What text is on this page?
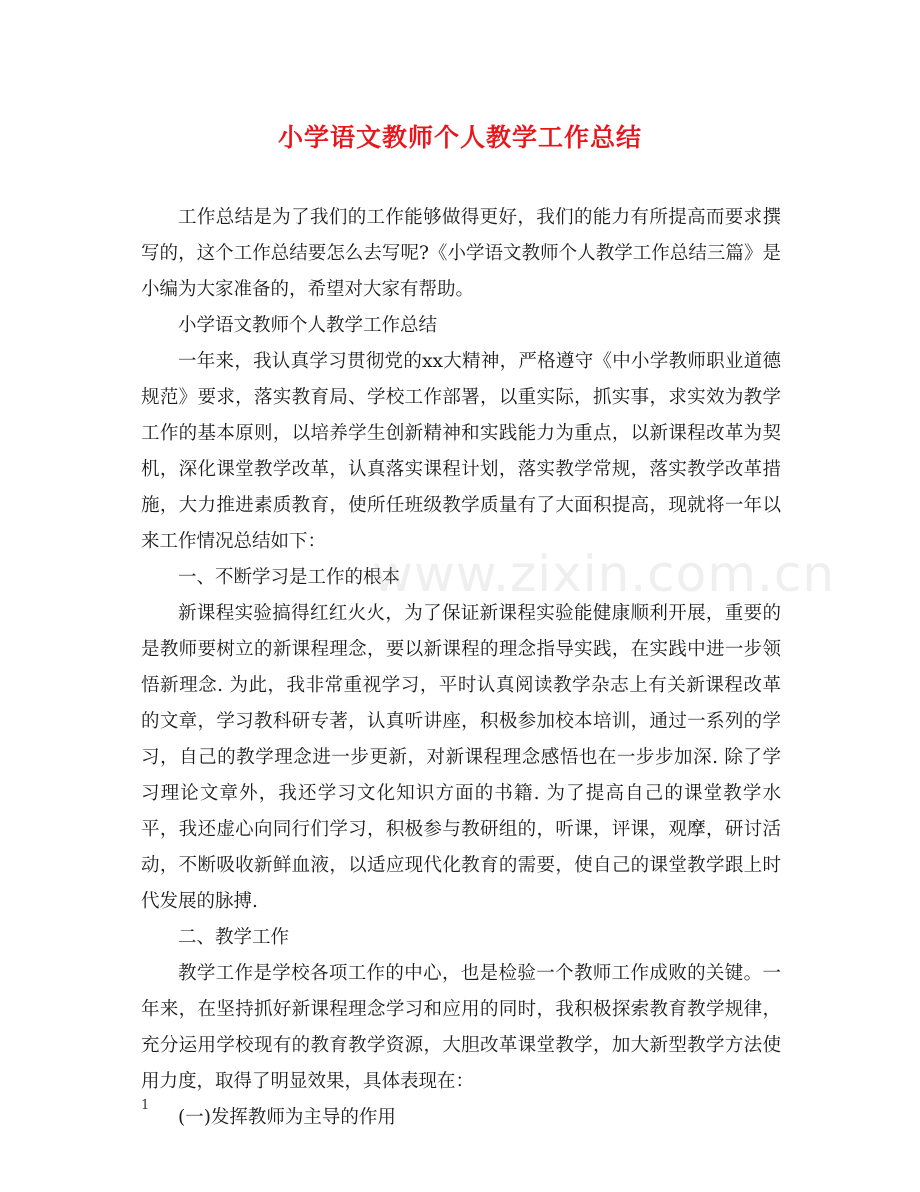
小学语文教师个人教学工作总结

工作总结是为了我们的工作能够做得更好，我们的能力有所提高而要求撰写的，这个工作总结要怎么去写呢?《小学语文教师个人教学工作总结三篇》是小编为大家准备的，希望对大家有帮助。

小学语文教师个人教学工作总结

一年来，我认真学习贯彻党的xx大精神，严格遵守《中小学教师职业道德规范》要求，落实教育局、学校工作部署，以重实际，抓实事，求实效为教学工作的基本原则，以培养学生创新精神和实践能力为重点，以新课程改革为契机，深化课堂教学改革，认真落实课程计划，落实教学常规，落实教学改革措施，大力推进素质教育，使所任班级教学质量有了大面积提高，现就将一年以来工作情况总结如下：

一、不断学习是工作的根本

新课程实验搞得红红火火，为了保证新课程实验能健康顺利开展，重要的是教师要树立的新课程理念，要以新课程的理念指导实践，在实践中进一步领悟新理念. 为此，我非常重视学习，平时认真阅读教学杂志上有关新课程改革的文章，学习教科研专著，认真听讲座，积极参加校本培训，通过一系列的学习，自己的教学理念进一步更新，对新课程理念感悟也在一步步加深. 除了学习理论文章外，我还学习文化知识方面的书籍. 为了提高自己的课堂教学水平，我还虚心向同行们学习，积极参与教研组的，听课，评课，观摩，研讨活动，不断吸收新鲜血液，以适应现代化教育的需要，使自己的课堂教学跟上时代发展的脉搏.

二、教学工作

教学工作是学校各项工作的中心，也是检验一个教师工作成败的关键。一年来，在坚持抓好新课程理念学习和应用的同时，我积极探索教育教学规律，充分运用学校现有的教育教学资源，大胆改革课堂教学，加大新型教学方法使用力度，取得了明显效果，具体表现在：

(一)发挥教师为主导的作用

www.zixin.com.cn
1
